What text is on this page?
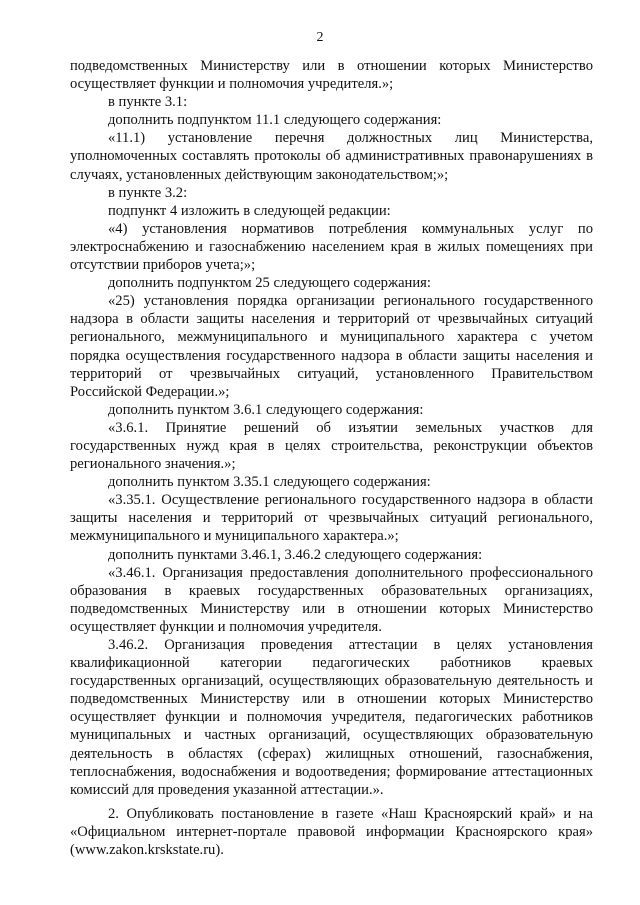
2

подведомственных Министерству или в отношении которых Министерство осуществляет функции и полномочия учредителя.»;

в пункте 3.1:

дополнить подпунктом 11.1 следующего содержания:

«11.1) установление перечня должностных лиц Министерства, уполномоченных составлять протоколы об административных правонарушениях в случаях, установленных действующим законодательством;»;

в пункте 3.2:

подпункт 4 изложить в следующей редакции:

«4) установления нормативов потребления коммунальных услуг по электроснабжению и газоснабжению населением края в жилых помещениях при отсутствии приборов учета;»;

дополнить подпунктом 25 следующего содержания:

«25) установления порядка организации регионального государственного надзора в области защиты населения и территорий от чрезвычайных ситуаций регионального, межмуниципального и муниципального характера с учетом порядка осуществления государственного надзора в области защиты населения и территорий от чрезвычайных ситуаций, установленного Правительством Российской Федерации.»;

дополнить пунктом 3.6.1 следующего содержания:

«3.6.1. Принятие решений об изъятии земельных участков для государственных нужд края в целях строительства, реконструкции объектов регионального значения.»;

дополнить пунктом 3.35.1 следующего содержания:

«3.35.1. Осуществление регионального государственного надзора в области защиты населения и территорий от чрезвычайных ситуаций регионального, межмуниципального и муниципального характера.»;

дополнить пунктами 3.46.1, 3.46.2 следующего содержания:

«3.46.1. Организация предоставления дополнительного профессионального образования в краевых государственных образовательных организациях, подведомственных Министерству или в отношении которых Министерство осуществляет функции и полномочия учредителя.

3.46.2. Организация проведения аттестации в целях установления квалификационной категории педагогических работников краевых государственных организаций, осуществляющих образовательную деятельность и подведомственных Министерству или в отношении которых Министерство осуществляет функции и полномочия учредителя, педагогических работников муниципальных и частных организаций, осуществляющих образовательную деятельность в областях (сферах) жилищных отношений, газоснабжения, теплоснабжения, водоснабжения и водоотведения; формирование аттестационных комиссий для проведения указанной аттестации.».

2. Опубликовать постановление в газете «Наш Красноярский край» и на «Официальном интернет-портале правовой информации Красноярского края» (www.zakon.krskstate.ru).
